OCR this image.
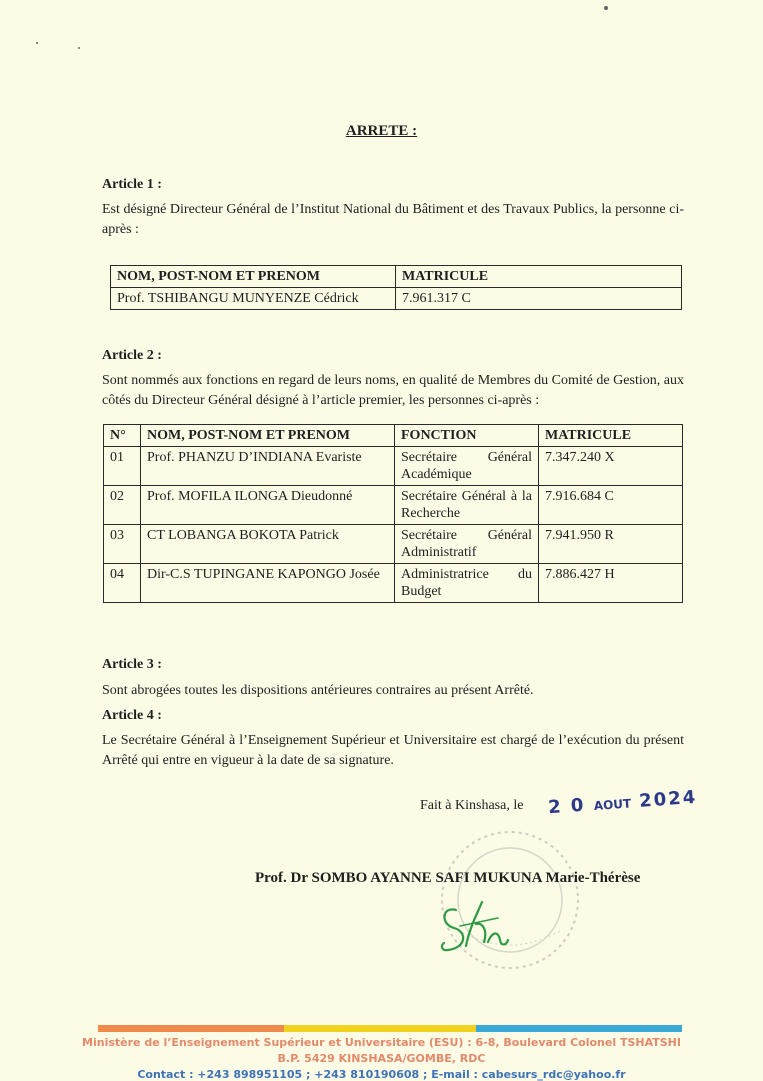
ARRETE :
Article 1 :
Est désigné Directeur Général de l’Institut National du Bâtiment et des Travaux Publics, la personne ci-après :
NOM, POST-NOM ET PRENOM	MATRICULE
Prof. TSHIBANGU MUNYENZE Cédrick	7.961.317 C
Article 2 :
Sont nommés aux fonctions en regard de leurs noms, en qualité de Membres du Comité de Gestion, aux côtés du Directeur Général désigné à l’article premier, les personnes ci-après :
N°	NOM, POST-NOM ET PRENOM	FONCTION	MATRICULE
01	Prof. PHANZU D’INDIANA Evariste	Secrétaire Général Académique	7.347.240 X
02	Prof. MOFILA ILONGA Dieudonné	Secrétaire Général à la Recherche	7.916.684 C
03	CT LOBANGA BOKOTA Patrick	Secrétaire Général Administratif	7.941.950 R
04	Dir-C.S TUPINGANE KAPONGO Josée	Administratrice du Budget	7.886.427 H
Article 3 :
Sont abrogées toutes les dispositions antérieures contraires au présent Arrêté.
Article 4 :
Le Secrétaire Général à l’Enseignement Supérieur et Universitaire est chargé de l’exécution du présent Arrêté qui entre en vigueur à la date de sa signature.
Fait à Kinshasa, le 2 0 AOUT 2024
Prof. Dr SOMBO AYANNE SAFI MUKUNA Marie-Thérèse
Ministère de l’Enseignement Supérieur et Universitaire (ESU) : 6-8, Boulevard Colonel TSHATSHI
B.P. 5429 KINSHASA/GOMBE, RDC
Contact : +243 898951105 ; +243 810190608 ; E-mail : cabesurs_rdc@yahoo.fr
